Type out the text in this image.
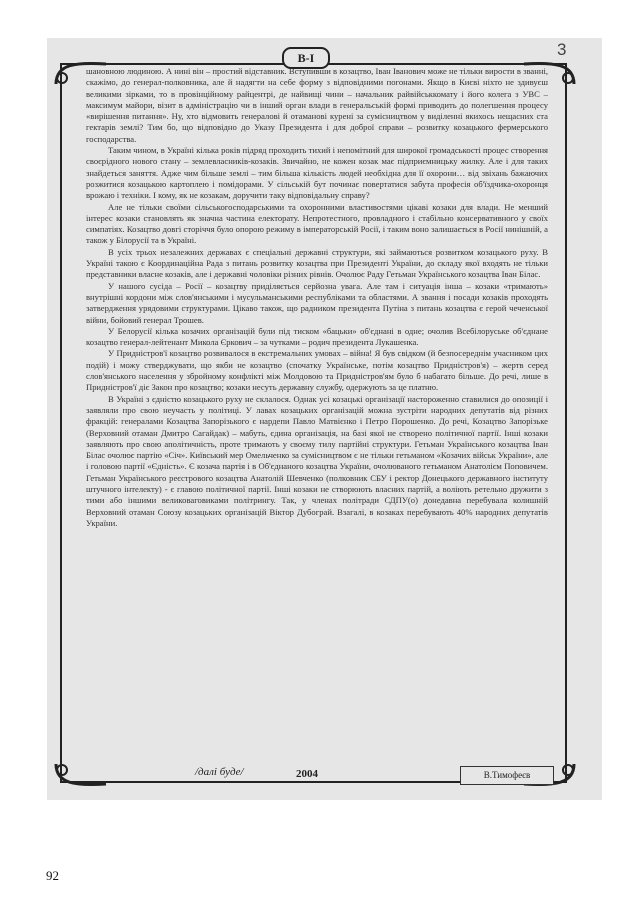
3
В-І

шановною людиною. А нині він – простий відставник. Вступивши в козацтво, Іван Іванович може не тільки вирости в званні, скажімо, до генерал-полковника, але й надягти на себе форму з відповідними погонами. Якщо в Києві ніхто не здивуєш великими зірками, то в провінційному райцентрі, де найвищі чини – начальник райвійськкомату і його колега з УВС – максимум майори, візит в адміністрацію чи в інший орган влади в генеральській формі приводить до полегшення процесу «вирішення питання». Ну, хто відмовить генералові й отаманові курені за сумісництвом у виділенні якихось нещасних ста гектарів землі? Тим бо, що відповідно до Указу Президента і для доброї справи – розвитку козацького фермерського господарства.

Таким чином, в Україні кілька років підряд проходить тихий і непомітний для широкої громадськості процес створення своєрідного нового стану – землевласників-козаків. Звичайно, не кожен козак має підприємницьку жилку. Але і для таких знайдеться заняття. Адже чим більше землі – тим більша кількість людей необхідна для її охорони… від звіхань бажаючих розжитися козацькою картоплею і помідорами. У сільській бут починає повертатися забута професія об'їздчика-охоронця врожаю і техніки. І кому, як не козакам, доручити таку відповідальну справу?

Але не тільки своїми сільськогосподарськими та охоронними властивостями цікаві козаки для влади. Не менший інтерес козаки становлять як значна частина електорату. Непротестного, провладного і стабільно консервативного у своїх симпатіях. Козацтво довгі сторіччя було опорою режиму в імператорській Росії, і таким воно залишається в Росії нинішній, а також у Білорусії та в Україні.

В усіх трьох незалежних державах є спеціальні державні структури, які займаються розвитком козацького руху. В Україні такою є Координаційна Рада з питань розвитку козацтва при Президенті України, до складу якої входять не тільки представники власне козаків, але і державні чоловіки різних рівнів. Очолює Раду Гетьман Українського козацтва Іван Білас.

У нашого сусіда – Росії – козацтву приділяється серйозна увага. Але там і ситуація інша – козаки «тримають» внутрішні кордони між слов'янськими і мусульманськими республіками та областями. А звання і посади козаків проходять затвердження урядовими структурами. Цікаво також, що радником президента Путіна з питань козацтва є герой чеченської війни, бойовий генерал Трошев.

У Белорусії кілька козачих організацій були під тиском «бацьки» об'єднані в одне; очолив Всебілоруське об'єднане козацтво генерал-лейтенант Микола Єркович – за чутками – родич президента Лукашенка.

У Придністров'ї козацтво розвивалося в екстремальних умовах – війна! Я був свідком (й безпосереднім учасником цих подій) і можу стверджувати, що якби не козацтво (спочатку Українське, потім козацтво Придністров'я) – жертв серед слов'янського населення у збройному конфлікті між Молдовою та Придністров'ям було б набагато більше. До речі, лише в Придністров'ї діє Закон про козацтво; козаки несуть державну службу, одержують за це платню.

В Україні з єдністю козацького руху не склалося. Однак усі козацькі організації настороженно ставилися до опозиції і заявляли про свою неучасть у політиці. У лавах козацьких організацій можна зустріти народних депутатів від різних фракцій: генералами Козацтва Запорізького є нардепи Павло Матвієнко і Петро Порошенко. До речі, Козацтво Запорізьке (Верховний отаман Дмитро Сагайдак) – мабуть, єдина організація, на базі якої не створено політичної партії. Інші козаки заявляють про свою аполітичність, проте тримають у своєму тилу партійні структури. Гетьман Українського козацтва Іван Білас очолює партію «Січ». Київський мер Омельченко за сумісництвом є не тільки гетьманом «Козачих військ України», але і головою партії «Єдність». Є козача партія і в Об'єднаного козацтва України, очолюваного гетьманом Анатолієм Поповичем. Гетьман Українського реєстрового козацтва Анатолій Шевченко (полковник СБУ і ректор Донецького державного інституту штучного інтелекту) - є главою політичної партії. Інші козаки не створюють власних партій, а воліють ретельно дружити з тими або іншими великоваговиками політрингу. Так, у членах політради СДПУ(о) донедавна перебувала колишній Верховний отаман Союзу козацьких організацій Віктор Дубограй. Взагалі, в козаках перебувають 40% народних депутатів України.

/далі буде/	2004	В.Тимофеєв
92
